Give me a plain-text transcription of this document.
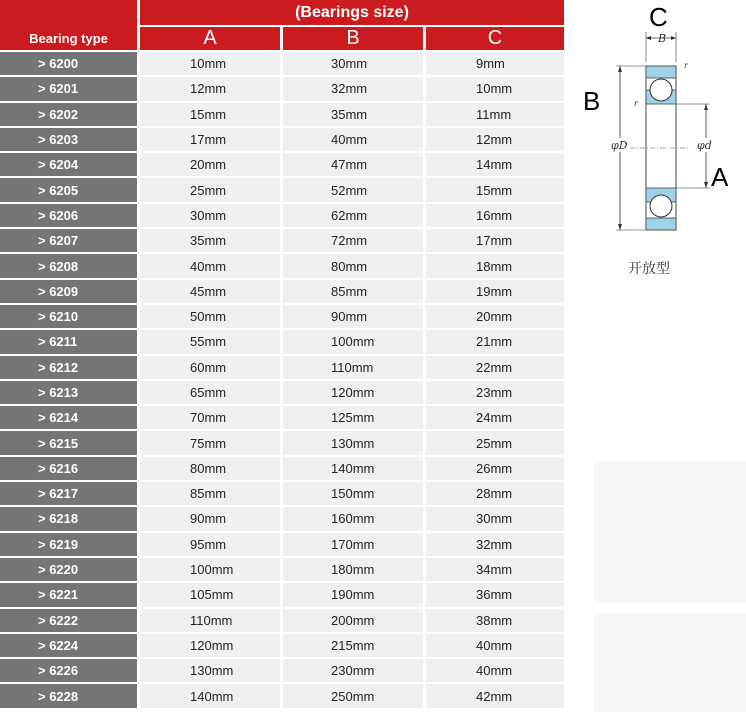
Bearing type
(Bearings size)
A	B	C
> 6200	10mm	30mm	9mm
> 6201	12mm	32mm	10mm
> 6202	15mm	35mm	11mm
> 6203	17mm	40mm	12mm
> 6204	20mm	47mm	14mm
> 6205	25mm	52mm	15mm
> 6206	30mm	62mm	16mm
> 6207	35mm	72mm	17mm
> 6208	40mm	80mm	18mm
> 6209	45mm	85mm	19mm
> 6210	50mm	90mm	20mm
> 6211	55mm	100mm	21mm
> 6212	60mm	110mm	22mm
> 6213	65mm	120mm	23mm
> 6214	70mm	125mm	24mm
> 6215	75mm	130mm	25mm
> 6216	80mm	140mm	26mm
> 6217	85mm	150mm	28mm
> 6218	90mm	160mm	30mm
> 6219	95mm	170mm	32mm
> 6220	100mm	180mm	34mm
> 6221	105mm	190mm	36mm
> 6222	110mm	200mm	38mm
> 6224	120mm	215mm	40mm
> 6226	130mm	230mm	40mm
> 6228	140mm	250mm	42mm
B
r
r
φD	φd
C
B
A
开放型
